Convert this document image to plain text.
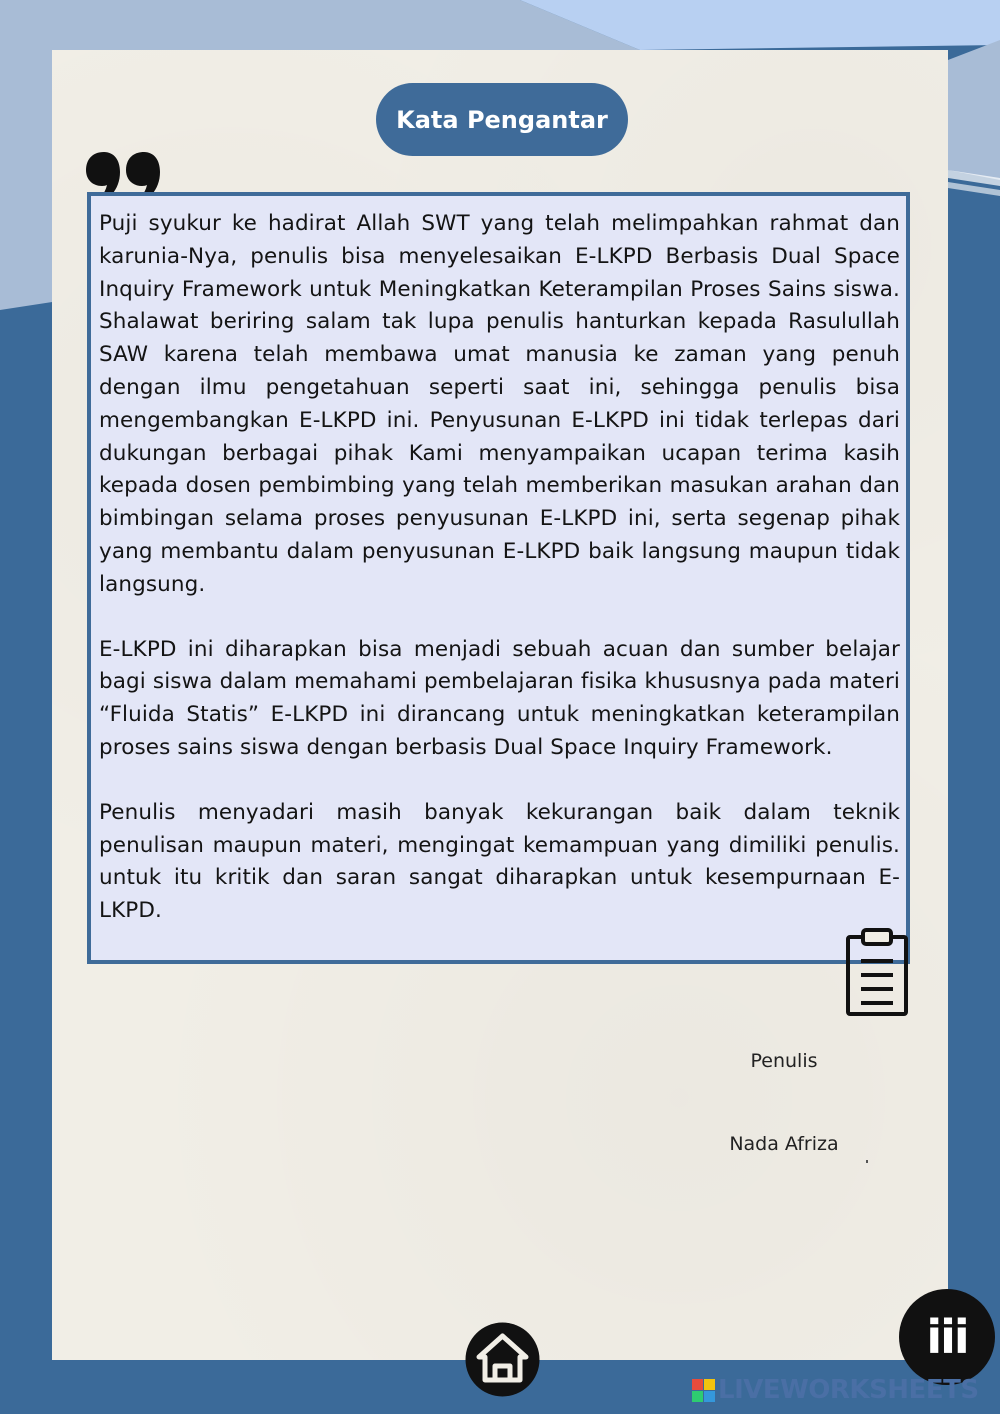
Kata Pengantar

Puji syukur ke hadirat Allah SWT yang telah melimpahkan rahmat dan karunia-Nya, penulis bisa menyelesaikan E-LKPD Berbasis Dual Space Inquiry Framework untuk Meningkatkan Keterampilan Proses Sains siswa. Shalawat beriring salam tak lupa penulis hanturkan kepada Rasulullah SAW karena telah membawa umat manusia ke zaman yang penuh dengan ilmu pengetahuan seperti saat ini, sehingga penulis bisa mengembangkan E-LKPD ini. Penyusunan E-LKPD ini tidak terlepas dari dukungan berbagai pihak Kami menyampaikan ucapan terima kasih kepada dosen pembimbing yang telah memberikan masukan arahan dan bimbingan selama proses penyusunan E-LKPD ini, serta segenap pihak yang membantu dalam penyusunan E-LKPD baik langsung maupun tidak langsung.

E-LKPD ini diharapkan bisa menjadi sebuah acuan dan sumber belajar bagi siswa dalam memahami pembelajaran fisika khususnya pada materi “Fluida Statis” E-LKPD ini dirancang untuk meningkatkan keterampilan proses sains siswa dengan berbasis Dual Space Inquiry Framework.

Penulis menyadari masih banyak kekurangan baik dalam teknik penulisan maupun materi, mengingat kemampuan yang dimiliki penulis. untuk itu kritik dan saran sangat diharapkan untuk kesempurnaan E-LKPD.

Penulis
Nada Afriza
iii
LIVEWORKSHEETS
